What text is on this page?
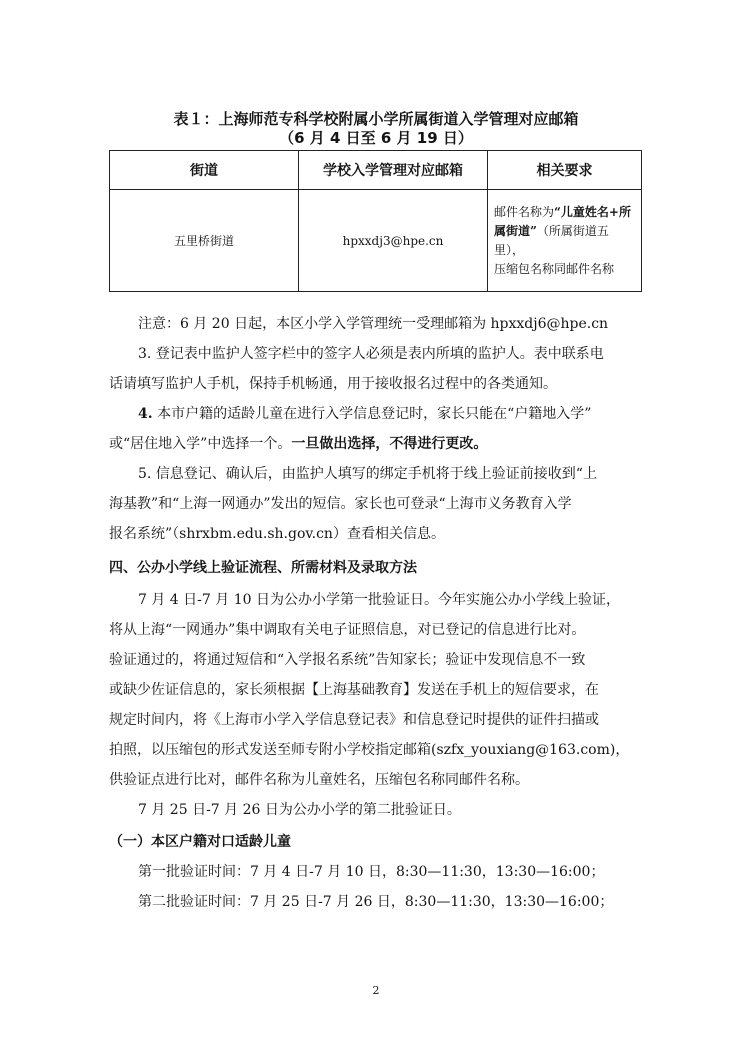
表１：上海师范专科学校附属小学所属街道入学管理对应邮箱
（6 月 4 日至 6 月 19 日）
街道	学校入学管理对应邮箱	相关要求
五里桥街道	hpxxdj3@hpe.cn	邮件名称为“儿童姓名+所属街道”（所属街道五里），
压缩包名称同邮件名称
注意：6 月 20 日起，本区小学入学管理统一受理邮箱为 hpxxdj6@hpe.cn
3. 登记表中监护人签字栏中的签字人必须是表内所填的监护人。表中联系电
话请填写监护人手机，保持手机畅通，用于接收报名过程中的各类通知。
4. 本市户籍的适龄儿童在进行入学信息登记时，家长只能在“户籍地入学”
或“居住地入学”中选择一个。一旦做出选择，不得进行更改。
5. 信息登记、确认后，由监护人填写的绑定手机将于线上验证前接收到“上
海基教”和“上海一网通办”发出的短信。家长也可登录“上海市义务教育入学
报名系统”（shrxbm.edu.sh.gov.cn）查看相关信息。
四、公办小学线上验证流程、所需材料及录取方法
7 月 4 日-7 月 10 日为公办小学第一批验证日。今年实施公办小学线上验证，
将从上海“一网通办”集中调取有关电子证照信息，对已登记的信息进行比对。
验证通过的，将通过短信和“入学报名系统”告知家长；验证中发现信息不一致
或缺少佐证信息的，家长须根据【上海基础教育】发送在手机上的短信要求，在
规定时间内，将《上海市小学入学信息登记表》和信息登记时提供的证件扫描或
拍照，以压缩包的形式发送至师专附小学校指定邮箱(szfx_youxiang@163.com)，
供验证点进行比对，邮件名称为儿童姓名，压缩包名称同邮件名称。
7 月 25 日-7 月 26 日为公办小学的第二批验证日。
（一）本区户籍对口适龄儿童
第一批验证时间：7 月 4 日-7 月 10 日，8:30—11:30，13:30—16:00；
第二批验证时间：7 月 25 日-7 月 26 日，8:30—11:30，13:30—16:00；
2
